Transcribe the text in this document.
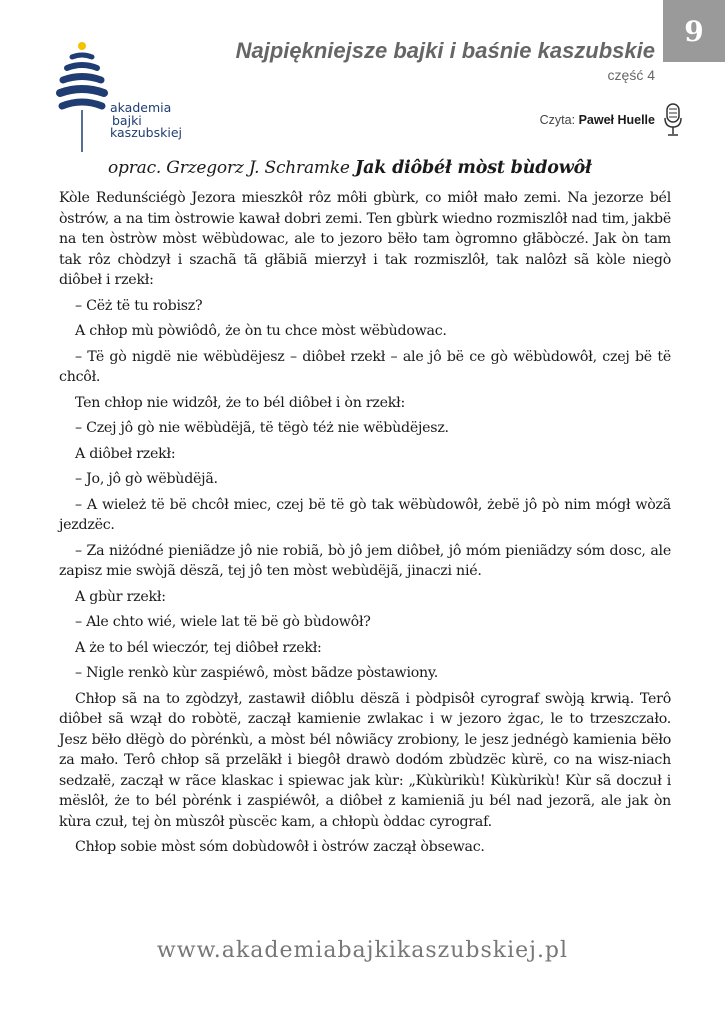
9
akademia
bajki
kaszubskiej
Najpiękniejsze bajki i baśnie kaszubskie
część 4
Czyta: Paweł Huelle
oprac. Grzegorz J. Schramke Jak diôbéł mòst bùdowôł

Kòle Redunściégò Jezora mieszkôł rôz môłi gbùrk, co miôł mało zemi. Na jezorze bél òstrów, a na tim òstrowie kawał dobri zemi. Ten gbùrk wiedno rozmiszlôł nad tim, jakbë na ten òstròw mòst wëbùdowac, ale to jezoro bëło tam ògromno głãbòczé. Jak òn tam tak rôz chòdzył i szachã tã głãbiã mierzył i tak rozmiszlôł, tak nalôzł sã kòle niegò diôbeł i rzekł:

– Cëż të tu robisz?

A chłop mù pòwiôdô, że òn tu chce mòst wëbùdowac.

– Të gò nigdë nie wëbùdëjesz – diôbeł rzekł – ale jô bë ce gò wëbùdowôł, czej bë të chcôł.

Ten chłop nie widzôł, że to bél diôbeł i òn rzekł:

– Czej jô gò nie wëbùdëjã, të tëgò téż nie wëbùdëjesz.

A diôbeł rzekł:

– Jo, jô gò wëbùdëjã.

– A wieleż të bë chcôł miec, czej bë të gò tak wëbùdowôł, żebë jô pò nim mógł wòzã jezdzëc.

– Za niżódné pieniãdze jô nie robiã, bò jô jem diôbeł, jô móm pieniãdzy sóm dosc, ale zapisz mie swòjã dëszã, tej jô ten mòst webùdëjã, jinaczi nié.

A gbùr rzekł:

– Ale chto wié, wiele lat të bë gò bùdowôł?

A że to bél wieczór, tej diôbeł rzekł:

– Nigle renkò kùr zaspiéwô, mòst bãdze pòstawiony.

Chłop sã na to zgòdzył, zastawił diôblu dëszã i pòdpisôł cyrograf swòją krwią. Terô diôbeł sã wzął do robòtë, zaczął kamienie zwlakac i w jezoro żgac, le to trzeszczało. Jesz bëło dłëgò do pòrénkù, a mòst bél nôwiãcy zrobiony, le jesz jednégò kamienia bëło za mało. Terô chłop sã przelãkł i biegôł drawò dodóm zbùdzëc kùrë, co na wisz-niach sedzałë, zaczął w rãce klaskac i spiewac jak kùr: „Kùkùrikù! Kùkùrikù! Kùr sã doczuł i mëslôł, że to bél pòrénk i zaspiéwôł, a diôbeł z kamieniã ju bél nad jezorã, ale jak òn kùra czuł, tej òn mùszôł pùscëc kam, a chłopù òddac cyrograf.

Chłop sobie mòst sóm dobùdowôł i òstrów zaczął òbsewac.

www.akademiabajkikaszubskiej.pl
